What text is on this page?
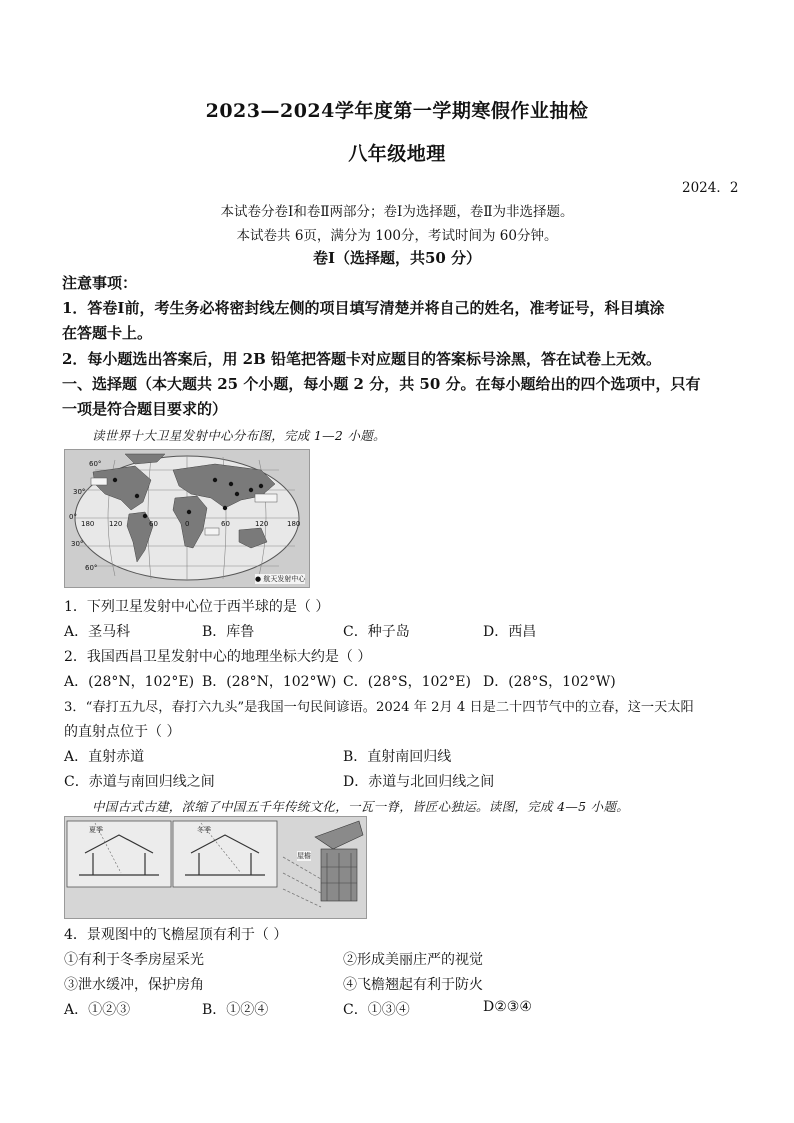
2023—2024学年度第一学期寒假作业抽检
八年级地理
2024．2
本试卷分卷Ⅰ和卷Ⅱ两部分；卷Ⅰ为选择题，卷Ⅱ为非选择题。
本试卷共 6页，满分为 100分，考试时间为 60分钟。
卷Ⅰ（选择题，共50 分）
注意事项：
1．答卷Ⅰ前，考生务必将密封线左侧的项目填写清楚并将自己的姓名，准考证号，科目填涂
在答题卡上。
2．每小题选出答案后，用 2B 铅笔把答题卡对应题目的答案标号涂黑，答在试卷上无效。
一、选择题（本大题共 25 个小题，每小题 2 分，共 50 分。在每小题给出的四个选项中，只有
一项是符合题目要求的）
读世界十大卫星发射中心分布图，完成 1—2 小题。
60°
30°
0°
30°
60°
180 120	60	0	60	120	180
● 航天发射中心
1．下列卫星发射中心位于西半球的是（ ）
A．圣马科	B．库鲁	C．种子岛	D．西昌
2．我国西昌卫星发射中心的地理坐标大约是（ ）
A．(28°N，102°E) B．(28°N，102°W) C．(28°S，102°E) D．(28°S，102°W)
3．“春打五九尽，春打六九头”是我国一句民间谚语。2024 年 2月 4 日是二十四节气中的立春，这一天太阳
的直射点位于（ ）
A．直射赤道	B．直射南回归线
C．赤道与南回归线之间	D．赤道与北回归线之间
中国古式古建，浓缩了中国五千年传统文化，一瓦一脊，皆匠心独运。读图，完成 4—5 小题。
夏季	冬季
屋檐
4．景观图中的飞檐屋顶有利于（ ）
①有利于冬季房屋采光	②形成美丽庄严的视觉
③泄水缓冲，保护房角	④飞檐翘起有利于防火
A．①②③	B．①②④	C．①③④	D②③④
